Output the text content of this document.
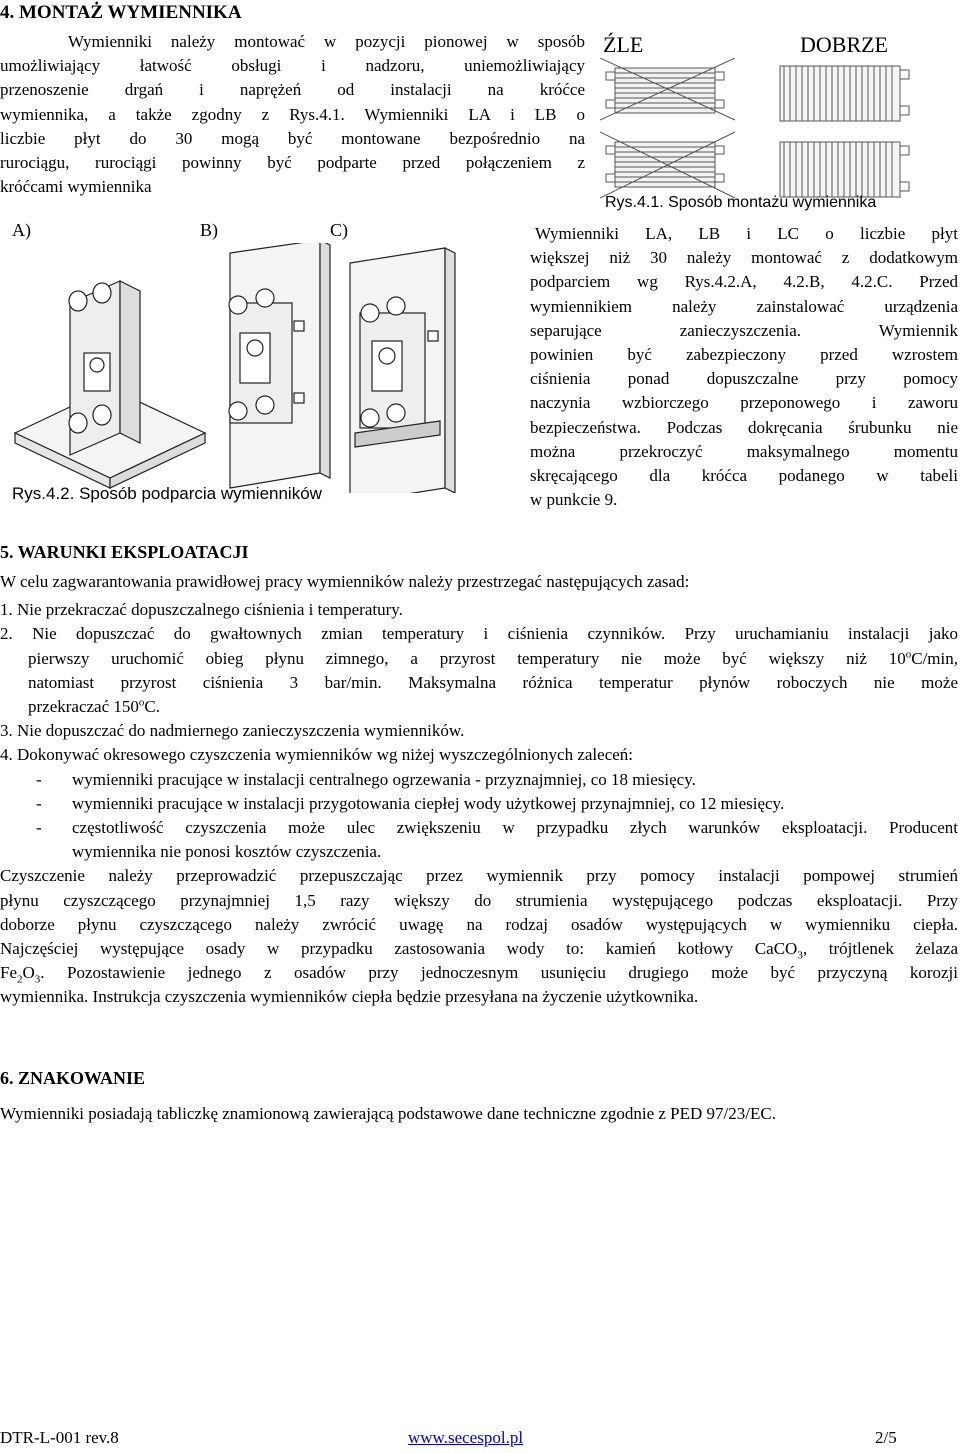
4. MONTAŻ WYMIENNIKA
Wymienniki należy montować w pozycji pionowej w sposób
umożliwiający łatwość obsługi i nadzoru, uniemożliwiający
przenoszenie drgań i naprężeń od instalacji na króćce
wymiennika, a także zgodny z Rys.4.1. Wymienniki LA i LB o
liczbie płyt do 30 mogą być montowane bezpośrednio na
rurociągu, rurociągi powinny być podparte przed połączeniem z
króćcami wymiennika
ŹLE	DOBRZE
Rys.4.1. Sposób montażu wymiennika
A)	B)	C)
Rys.4.2. Sposób podparcia wymienników
Wymienniki LA, LB i LC o liczbie płyt
większej niż 30 należy montować z dodatkowym
podparciem wg Rys.4.2.A, 4.2.B, 4.2.C. Przed
wymiennikiem należy zainstalować urządzenia
separujące zanieczyszczenia. Wymiennik
powinien być zabezpieczony przed wzrostem
ciśnienia ponad dopuszczalne przy pomocy
naczynia wzbiorczego przeponowego i zaworu
bezpieczeństwa. Podczas dokręcania śrubunku nie
można przekroczyć maksymalnego momentu
skręcającego dla króćca podanego w tabeli
w punkcie 9.
5. WARUNKI EKSPLOATACJI
W celu zagwarantowania prawidłowej pracy wymienników należy przestrzegać następujących zasad:
1. Nie przekraczać dopuszczalnego ciśnienia i temperatury.
2. Nie dopuszczać do gwałtownych zmian temperatury i ciśnienia czynników. Przy uruchamianiu instalacji jako
pierwszy uruchomić obieg płynu zimnego, a przyrost temperatury nie może być większy niż 10$^o$C/min,
natomiast przyrost ciśnienia 3 bar/min. Maksymalna różnica temperatur płynów roboczych nie może
przekraczać 150$^o$C.
3. Nie dopuszczać do nadmiernego zanieczyszczenia wymienników.
4. Dokonywać okresowego czyszczenia wymienników wg niżej wyszczególnionych zaleceń:
-	wymienniki pracujące w instalacji centralnego ogrzewania - przyznajmniej, co 18 miesięcy.
-	wymienniki pracujące w instalacji przygotowania ciepłej wody użytkowej przynajmniej, co 12 miesięcy.
-	częstotliwość czyszczenia może ulec zwiększeniu w przypadku złych warunków eksploatacji. Producent
wymiennika nie ponosi kosztów czyszczenia.
Czyszczenie należy przeprowadzić przepuszczając przez wymiennik przy pomocy instalacji pompowej strumień
płynu czyszczącego przynajmniej 1,5 razy większy do strumienia występującego podczas eksploatacji. Przy
doborze płynu czyszczącego należy zwrócić uwagę na rodzaj osadów występujących w wymienniku ciepła.
Najczęściej występujące osady w przypadku zastosowania wody to: kamień kotłowy CaCO$_3$, trójtlenek żelaza
$Fe_2O_3$. Pozostawienie jednego z osadów przy jednoczesnym usunięciu drugiego może być przyczyną korozji
wymiennika. Instrukcja czyszczenia wymienników ciepła będzie przesyłana na życzenie użytkownika.
6. ZNAKOWANIE
Wymienniki posiadają tabliczkę znamionową zawierającą podstawowe dane techniczne zgodnie z PED 97/23/EC.
DTR-L-001 rev.8	www.secespol.pl	2/5
